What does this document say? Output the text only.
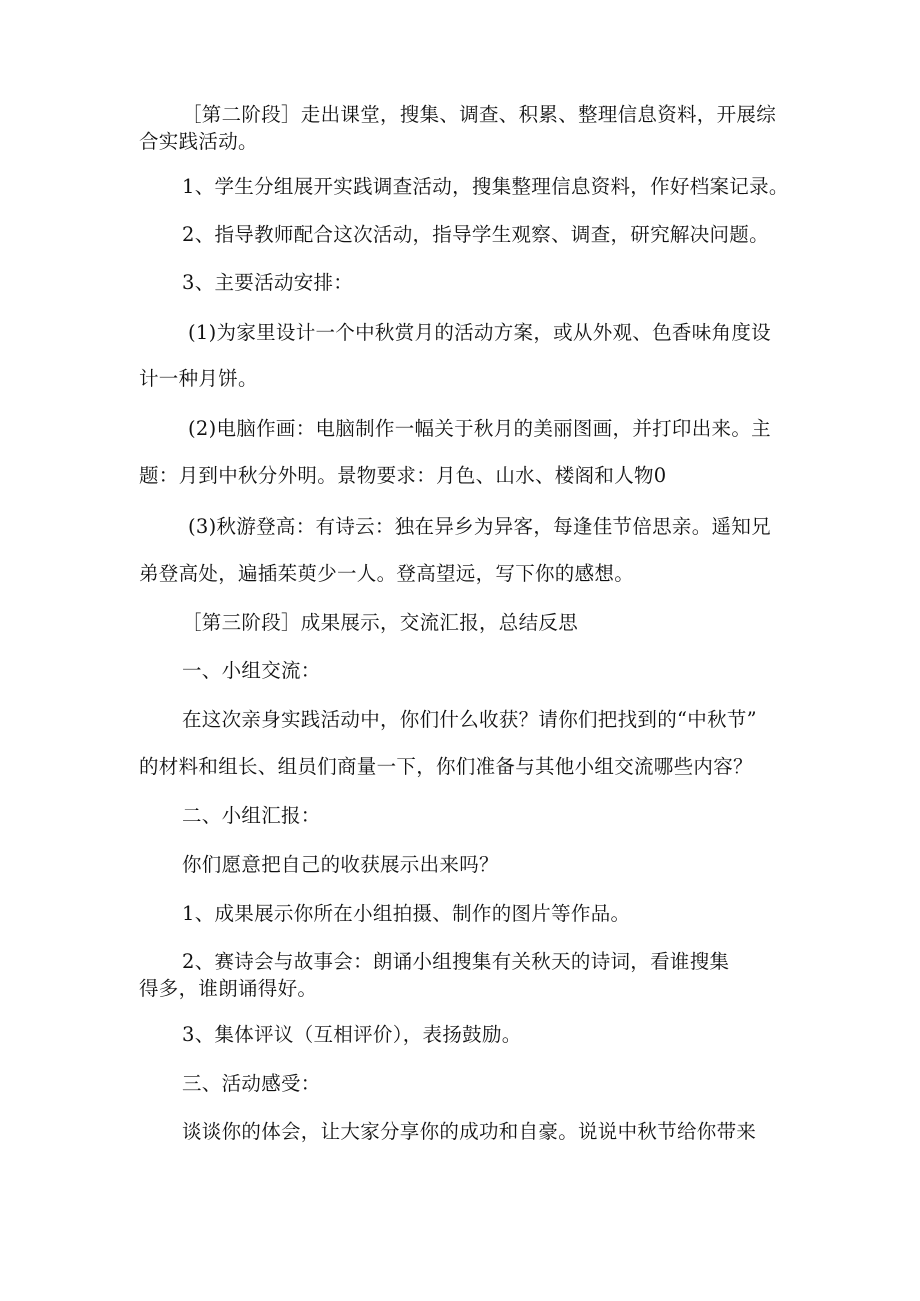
［第二阶段］走出课堂，搜集、调查、积累、整理信息资料，开展综
合实践活动。
1、学生分组展开实践调查活动，搜集整理信息资料，作好档案记录。
2、指导教师配合这次活动，指导学生观察、调查，研究解决问题。
3、主要活动安排：
(1)为家里设计一个中秋赏月的活动方案，或从外观、色香味角度设
计一种月饼。
(2)电脑作画：电脑制作一幅关于秋月的美丽图画，并打印出来。主
题：月到中秋分外明。景物要求：月色、山水、楼阁和人物0
(3)秋游登高：有诗云：独在异乡为异客，每逢佳节倍思亲。遥知兄
弟登高处，遍插茱萸少一人。登高望远，写下你的感想。
［第三阶段］成果展示，交流汇报，总结反思
一、小组交流：
在这次亲身实践活动中，你们什么收获？请你们把找到的“中秋节”
的材料和组长、组员们商量一下，你们准备与其他小组交流哪些内容？
二、小组汇报：
你们愿意把自己的收获展示出来吗？
1、成果展示你所在小组拍摄、制作的图片等作品。
2、赛诗会与故事会：朗诵小组搜集有关秋天的诗词，看谁搜集
得多，谁朗诵得好。
3、集体评议（互相评价），表扬鼓励。
三、活动感受：
谈谈你的体会，让大家分享你的成功和自豪。说说中秋节给你带来
